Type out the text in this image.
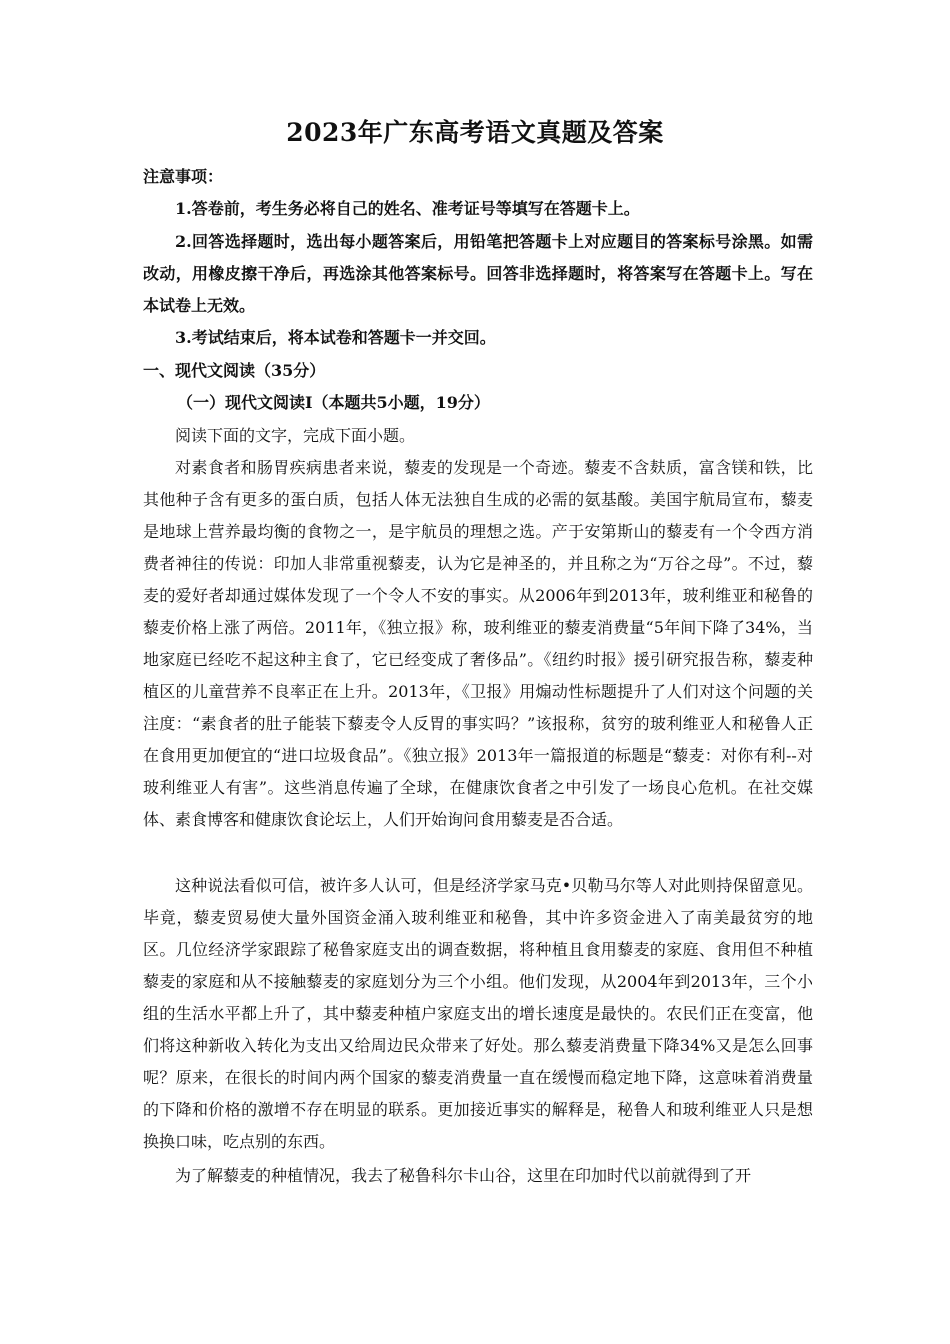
2023年广东高考语文真题及答案
注意事项：

1.答卷前，考生务必将自己的姓名、准考证号等填写在答题卡上。

2.回答选择题时，选出每小题答案后，用铅笔把答题卡上对应题目的答案标号涂黑。如需改动，用橡皮擦干净后，再选涂其他答案标号。回答非选择题时，将答案写在答题卡上。写在本试卷上无效。

3.考试结束后，将本试卷和答题卡一并交回。

一、现代文阅读（35分）
（一）现代文阅读Ⅰ（本题共5小题，19分）

阅读下面的文字，完成下面小题。

对素食者和肠胃疾病患者来说，藜麦的发现是一个奇迹。藜麦不含麸质，富含镁和铁，比其他种子含有更多的蛋白质，包括人体无法独自生成的必需的氨基酸。美国宇航局宣布，藜麦是地球上营养最均衡的食物之一，是宇航员的理想之选。产于安第斯山的藜麦有一个令西方消费者神往的传说：印加人非常重视藜麦，认为它是神圣的，并且称之为“万谷之母”。不过，藜麦的爱好者却通过媒体发现了一个令人不安的事实。从2006年到2013年，玻利维亚和秘鲁的藜麦价格上涨了两倍。2011年，《独立报》称，玻利维亚的藜麦消费量“5年间下降了34%，当地家庭已经吃不起这种主食了，它已经变成了奢侈品”。《纽约时报》援引研究报告称，藜麦种植区的儿童营养不良率正在上升。2013年，《卫报》用煽动性标题提升了人们对这个问题的关注度：“素食者的肚子能装下藜麦令人反胃的事实吗？”该报称，贫穷的玻利维亚人和秘鲁人正在食用更加便宜的“进口垃圾食品”。《独立报》2013年一篇报道的标题是“藜麦：对你有利--对玻利维亚人有害”。这些消息传遍了全球，在健康饮食者之中引发了一场良心危机。在社交媒体、素食博客和健康饮食论坛上，人们开始询问食用藜麦是否合适。

这种说法看似可信，被许多人认可，但是经济学家马克•贝勒马尔等人对此则持保留意见。毕竟，藜麦贸易使大量外国资金涌入玻利维亚和秘鲁，其中许多资金进入了南美最贫穷的地区。几位经济学家跟踪了秘鲁家庭支出的调查数据，将种植且食用藜麦的家庭、食用但不种植藜麦的家庭和从不接触藜麦的家庭划分为三个小组。他们发现，从2004年到2013年，三个小组的生活水平都上升了，其中藜麦种植户家庭支出的增长速度是最快的。农民们正在变富，他们将这种新收入转化为支出又给周边民众带来了好处。那么藜麦消费量下降34%又是怎么回事呢？原来，在很长的时间内两个国家的藜麦消费量一直在缓慢而稳定地下降，这意味着消费量的下降和价格的激增不存在明显的联系。更加接近事实的解释是，秘鲁人和玻利维亚人只是想换换口味，吃点别的东西。

为了解藜麦的种植情况，我去了秘鲁科尔卡山谷，这里在印加时代以前就得到了开
